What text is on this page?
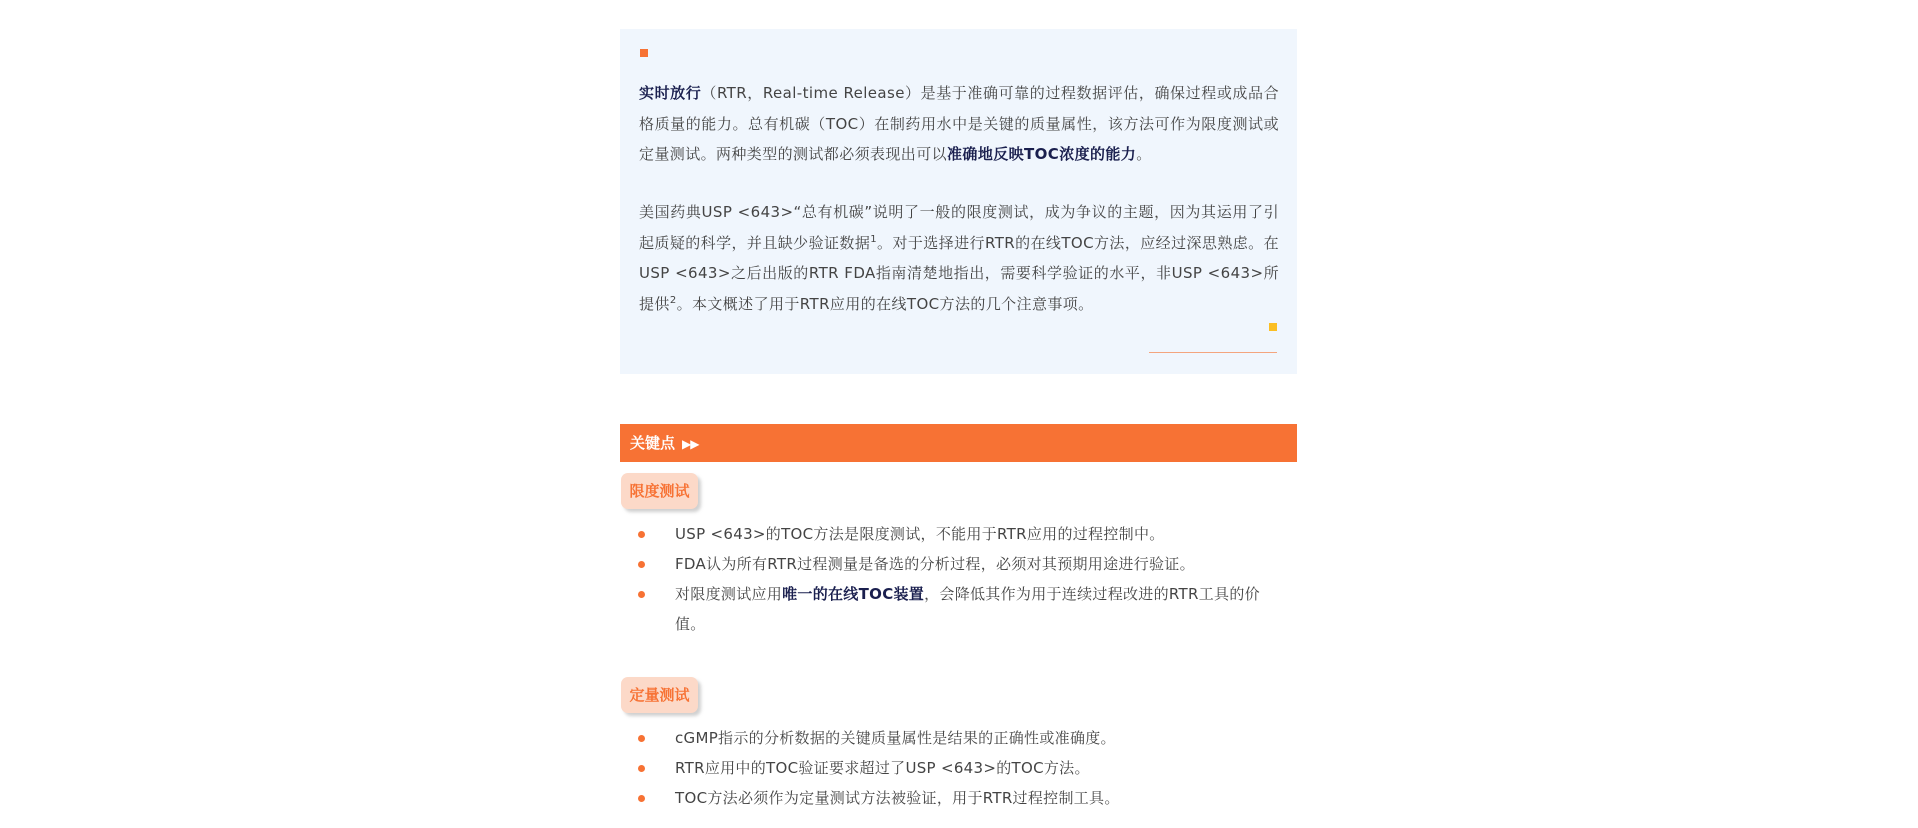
实时放行（RTR，Real-time Release）是基于准确可靠的过程数据评估，确保过程或成品合格质量的能力。总有机碳（TOC）在制药用水中是关键的质量属性，该方法可作为限度测试或定量测试。两种类型的测试都必须表现出可以准确地反映TOC浓度的能力。

美国药典USP <643>“总有机碳”说明了一般的限度测试，成为争议的主题，因为其运用了引起质疑的科学，并且缺少验证数据$^1$。对于选择进行RTR的在线TOC方法，应经过深思熟虑。在USP <643>之后出版的RTR FDA指南清楚地指出，需要科学验证的水平，非USP <643>所提供$^2$。本文概述了用于RTR应用的在线TOC方法的几个注意事项。

关键点 ▶▶
限度测试
USP <643>的TOC方法是限度测试，不能用于RTR应用的过程控制中。
FDA认为所有RTR过程测量是备选的分析过程，必须对其预期用途进行验证。
对限度测试应用唯一的在线TOC装置，会降低其作为用于连续过程改进的RTR工具的价值。
定量测试
cGMP指示的分析数据的关键质量属性是结果的正确性或准确度。
RTR应用中的TOC验证要求超过了USP <643>的TOC方法。
TOC方法必须作为定量测试方法被验证，用于RTR过程控制工具。
